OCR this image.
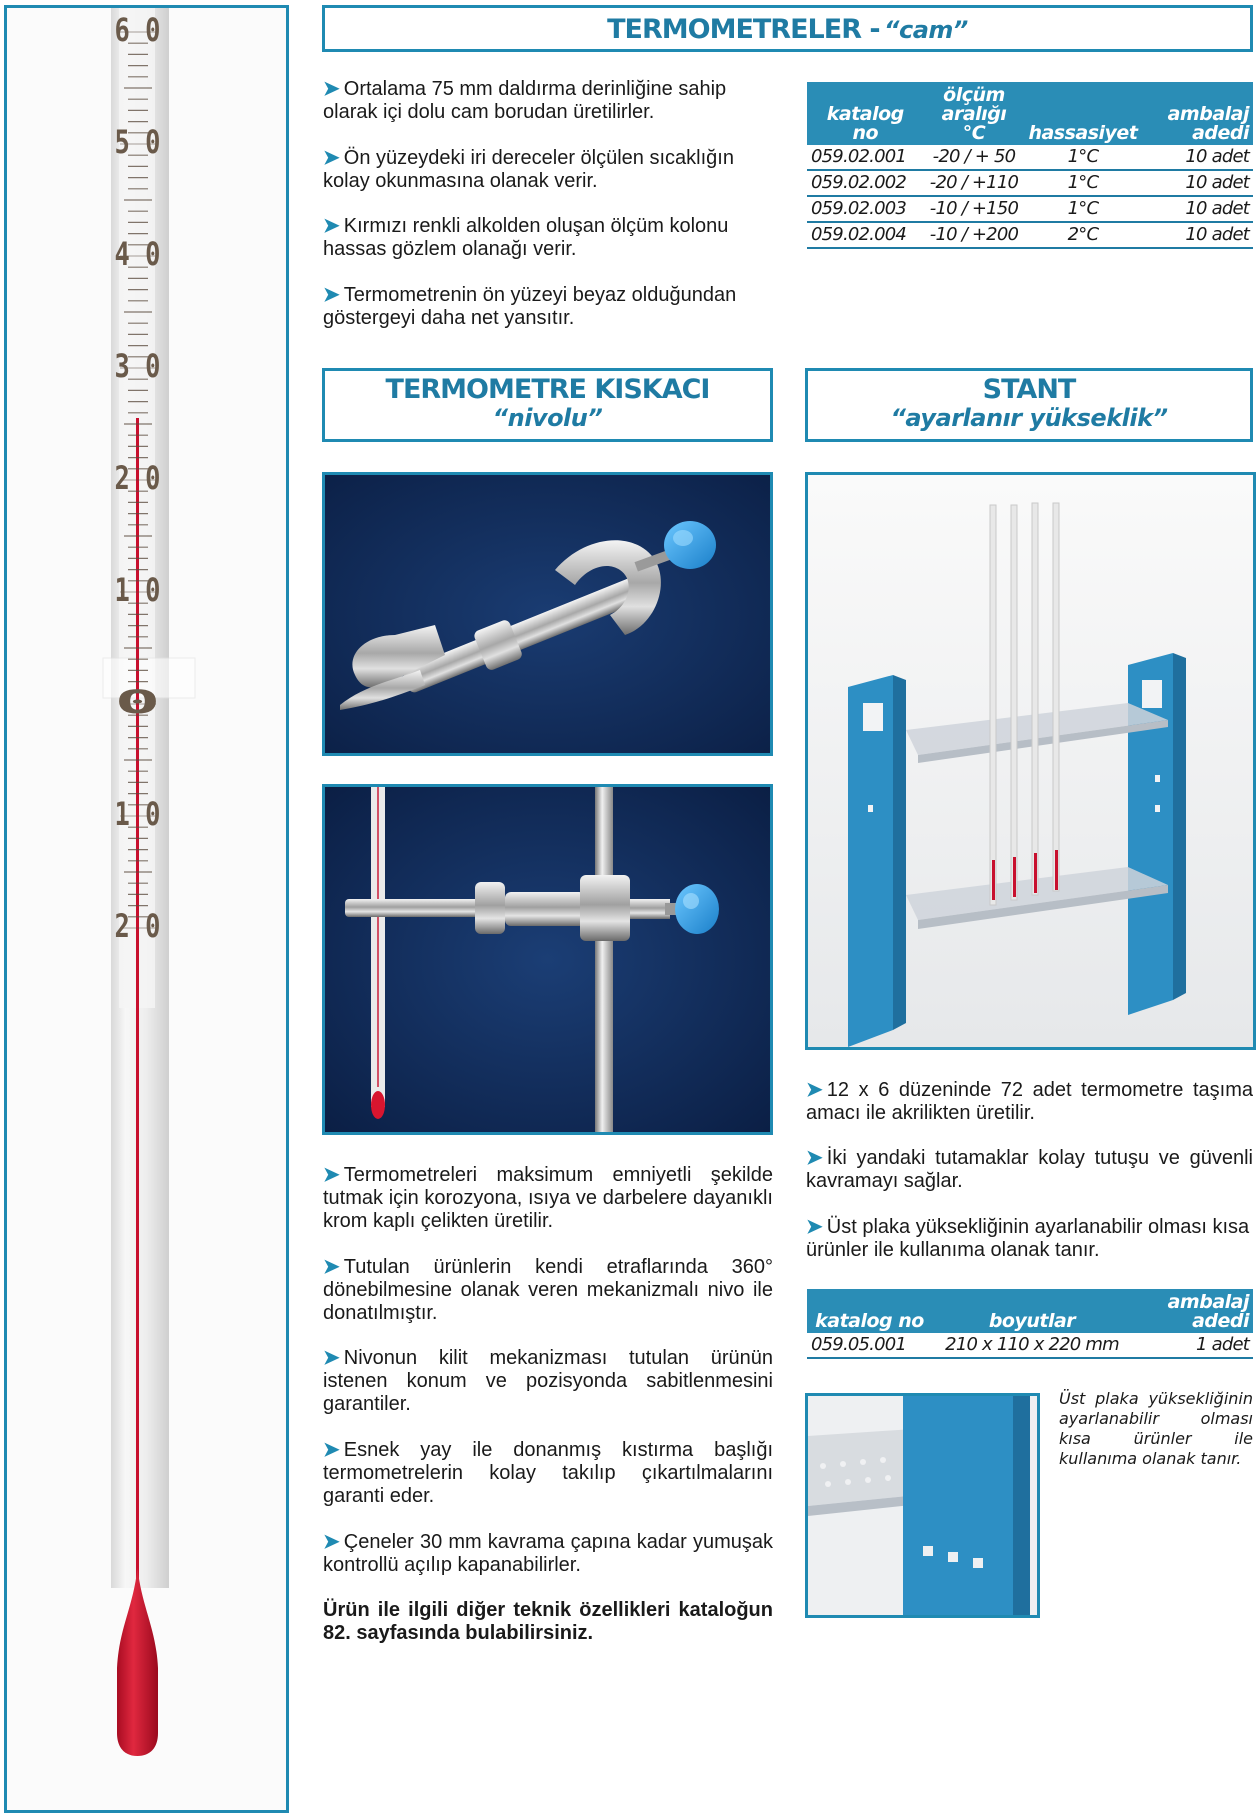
6 0
5 0
4 0
3 0
2 0
1 0
0
1 0
2 0
TERMOMETRELER - “cam”
➤ Ortalama 75 mm daldırma derinliğine sahip olarak içi dolu cam borudan üretilirler.
➤ Ön yüzeydeki iri dereceler ölçülen sıcaklığın kolay okunmasına olanak verir.
➤ Kırmızı renkli alkolden oluşan ölçüm kolonu hassas gözlem olanağı verir.
➤ Termometrenin ön yüzeyi beyaz olduğundan göstergeyi daha net yansıtır.
katalog no	ölçüm aralığı °C	hassasiyet	ambalaj adedi
059.02.001	-20 / + 50	1°C	10 adet
059.02.002	-20 / +110	1°C	10 adet
059.02.003	-10 / +150	1°C	10 adet
059.02.004	-10 / +200	2°C	10 adet
TERMOMETRE KISKACI
“nivolu”
STANT
“ayarlanır yükseklik”
➤ Termometreleri maksimum emniyetli şekilde tutmak için korozyona, ısıya ve darbelere dayanıklı krom kaplı çelikten üretilir.
➤ Tutulan ürünlerin kendi etraflarında 360° dönebilmesine olanak veren mekanizmalı nivo ile donatılmıştır.
➤ Nivonun kilit mekanizması tutulan ürünün istenen konum ve pozisyonda sabitlenmesini garantiler.
➤ Esnek yay ile donanmış kıstırma başlığı termometrelerin kolay takılıp çıkartılmalarını garanti eder.
➤ Çeneler 30 mm kavrama çapına kadar yumuşak kontrollü açılıp kapanabilirler.
Ürün ile ilgili diğer teknik özellikleri kataloğun 82. sayfasında bulabilirsiniz.
➤ 12 x 6 düzeninde 72 adet termometre taşıma amacı ile akrilikten üretilir.
➤ İki yandaki tutamaklar kolay tutuşu ve güvenli kavramayı sağlar.
➤ Üst plaka yüksekliğinin ayarlanabilir olması kısa ürünler ile kullanıma olanak tanır.
katalog no	boyutlar	ambalaj adedi
059.05.001	210 x 110 x 220 mm	1 adet
Üst plaka yüksekliğinin ayarlanabilir olması kısa ürünler ile kullanıma olanak tanır.
